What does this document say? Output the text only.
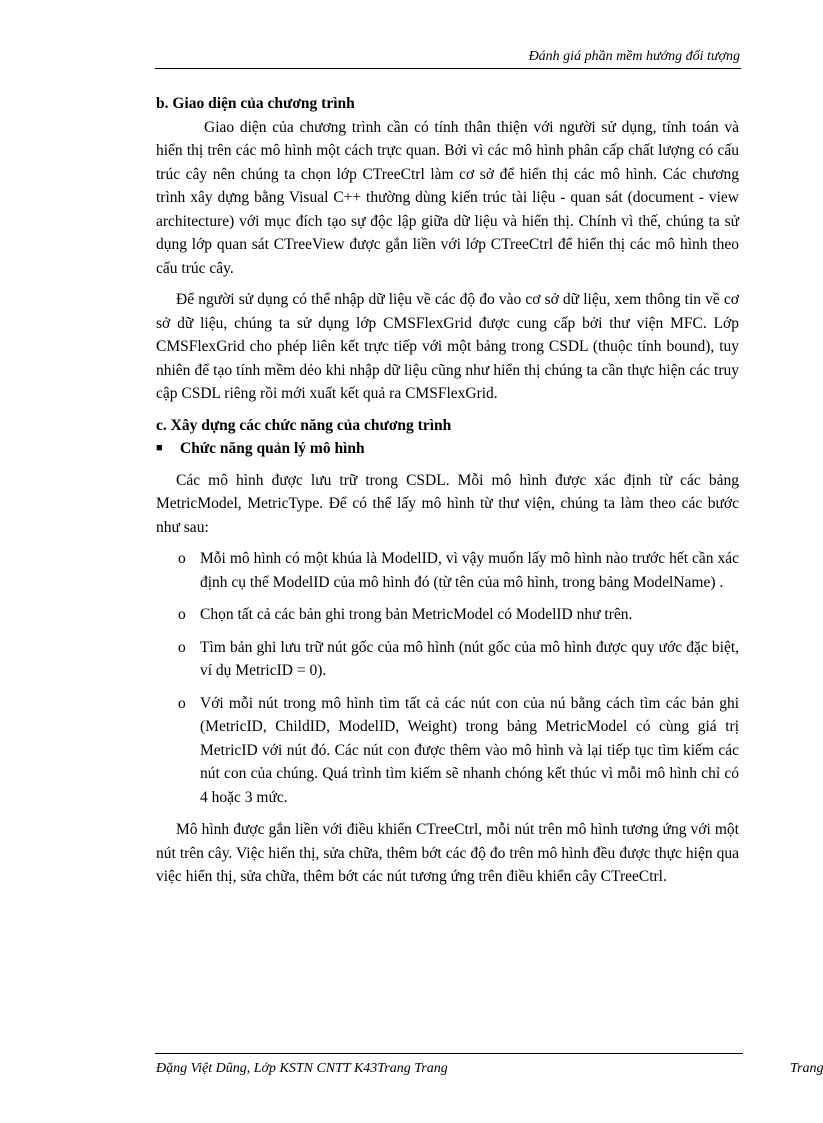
Đánh giá phần mềm hướng đối tượng

b. Giao diện của chương trình

Giao diện của chương trình cần có tính thân thiện với người sử dụng, tính toán và hiển thị trên các mô hình một cách trực quan. Bởi vì các mô hình phân cấp chất lượng có cấu trúc cây nên chúng ta chọn lớp CTreeCtrl làm cơ sở để hiển thị các mô hình. Các chương trình xây dựng bằng Visual C++ thường dùng kiến trúc tài liệu - quan sát (document - view architecture) với mục đích tạo sự độc lập giữa dữ liệu và hiển thị. Chính vì thế, chúng ta sử dụng lớp quan sát CTreeView được gắn liền với lớp CTreeCtrl để hiển thị các mô hình theo cấu trúc cây.

Để người sử dụng có thể nhập dữ liệu về các độ đo vào cơ sở dữ liệu, xem thông tin về cơ sở dữ liệu, chúng ta sử dụng lớp CMSFlexGrid được cung cấp bởi thư viện MFC. Lớp CMSFlexGrid cho phép liên kết trực tiếp với một bảng trong CSDL (thuộc tính bound), tuy nhiên để tạo tính mềm dẻo khi nhập dữ liệu cũng như hiển thị chúng ta cần thực hiện các truy cập CSDL riêng rồi mới xuất kết quả ra CMSFlexGrid.

c. Xây dựng các chức năng của chương trình

■	Chức năng quản lý mô hình

Các mô hình được lưu trữ trong CSDL. Mỗi mô hình được xác định từ các bảng MetricModel, MetricType. Để có thể lấy mô hình từ thư viện, chúng ta làm theo các bước như sau:

o Mỗi mô hình có một khúa là ModelID, vì vậy muốn lấy mô hình nào trước hết cần xác định cụ thể ModelID của mô hình đó (từ tên của mô hình, trong bảng ModelName) .
o Chọn tất cả các bản ghi trong bản MetricModel có ModelID như trên.
o Tìm bản ghi lưu trữ nút gốc của mô hình (nút gốc của mô hình được quy ước đặc biệt, ví dụ MetricID = 0).
o Với mỗi nút trong mô hình tìm tất cả các nút con của nú bằng cách tìm các bản ghi (MetricID, ChildID, ModelID, Weight) trong bảng MetricModel có cùng giá trị MetricID với nút đó. Các nút con được thêm vào mô hình và lại tiếp tục tìm kiếm các nút con của chúng. Quá trình tìm kiếm sẽ nhanh chóng kết thúc vì mỗi mô hình chỉ có 4 hoặc 3 mức.

Mô hình được gắn liền với điều khiển CTreeCtrl, mỗi nút trên mô hình tương ứng với một nút trên cây. Việc hiển thị, sửa chữa, thêm bớt các độ đo trên mô hình đều được thực hiện qua việc hiển thị, sửa chữa, thêm bớt các nút tương ứng trên điều khiển cây CTreeCtrl.

Đặng Việt Dũng, Lớp KSTN CNTT K43Trang Trang	Trang
